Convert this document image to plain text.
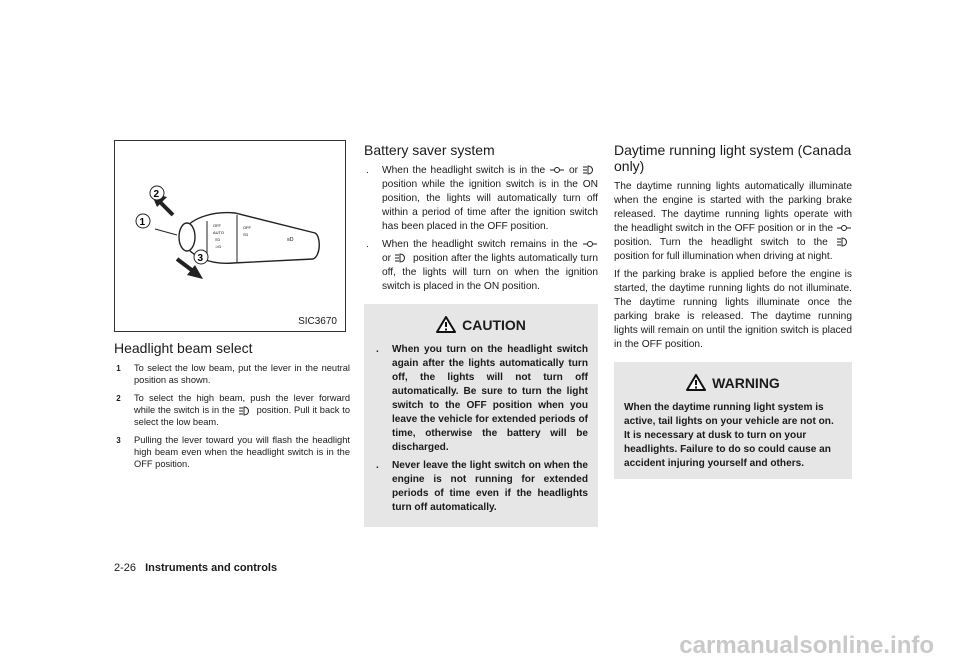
OFF
AUTO
≡D
⊃D
OFF
≡D
≡D
2
1
3
SIC3670
Headlight beam select
1 To select the low beam, put the lever in the neutral position as shown.
2 To select the high beam, push the lever forward while the switch is in the position. Pull it back to select the low beam.
3 Pulling the lever toward you will flash the headlight high beam even when the headlight switch is in the OFF position.
Battery saver system
. When the headlight switch is in the or  position while the ignition switch is in the ON position, the lights will automatically turn off within a period of time after the ignition switch has been placed in the OFF position.
. When the headlight switch remains in the  or position after the lights automatically turn off, the lights will turn on when the ignition switch is placed in the ON position.
CAUTION
. When you turn on the headlight switch again after the lights automatically turn off, the lights will not turn off automatically. Be sure to turn the light switch to the OFF position when you leave the vehicle for extended periods of time, otherwise the battery will be discharged.
. Never leave the light switch on when the engine is not running for extended periods of time even if the headlights turn off automatically.
Daytime running light system (Canada only)

The daytime running lights automatically illuminate when the engine is started with the parking brake released. The daytime running lights operate with the headlight switch in the OFF position or in the  position. Turn the headlight switch to the  position for full illumination when driving at night.

If the parking brake is applied before the engine is started, the daytime running lights do not illuminate. The daytime running lights illuminate once the parking brake is released. The daytime running lights will remain on until the ignition switch is placed in the OFF position.

WARNING

When the daytime running light system is active, tail lights on your vehicle are not on. It is necessary at dusk to turn on your headlights. Failure to do so could cause an accident injuring yourself and others.

2-26 Instruments and controls
carmanualsonline.info
